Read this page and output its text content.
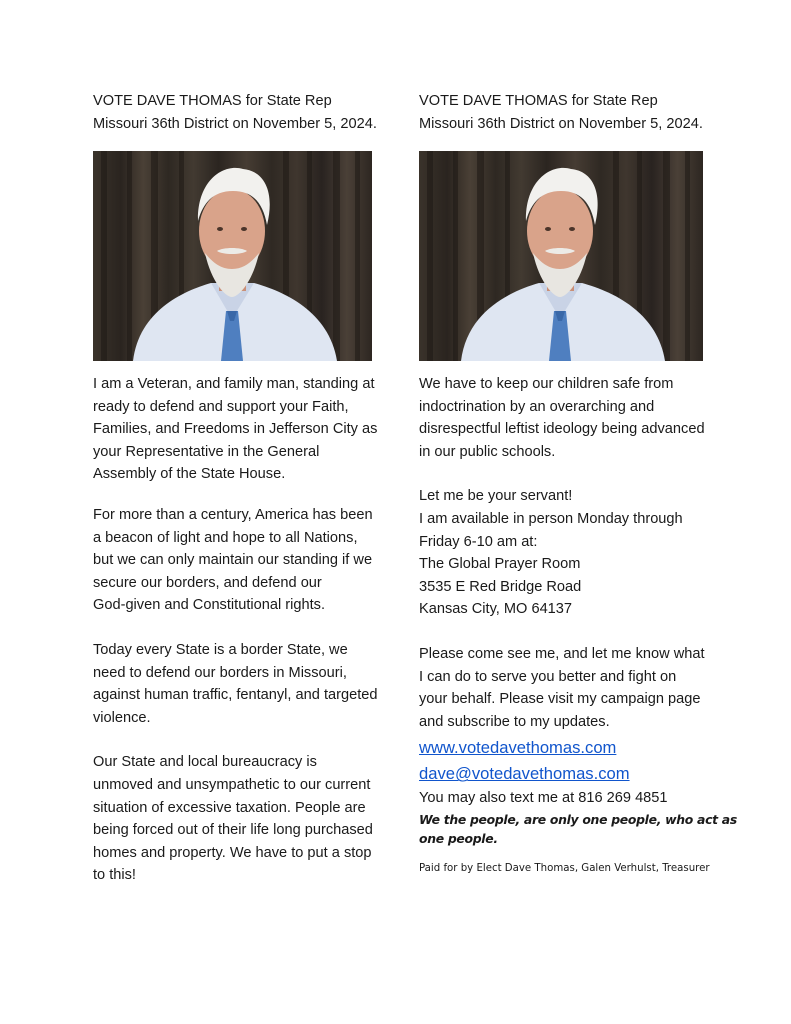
VOTE DAVE THOMAS for State Rep
Missouri 36th District on November 5, 2024.

I am a Veteran, and family man, standing at
ready to defend and support your Faith,
Families, and Freedoms in Jefferson City as
your Representative in the General
Assembly of the State House.

For more than a century, America has been
a beacon of light and hope to all Nations,
but we can only maintain our standing if we
secure our borders, and defend our
God-given and Constitutional rights.

Today every State is a border State, we
need to defend our borders in Missouri,
against human traffic, fentanyl, and targeted
violence.

Our State and local bureaucracy is
unmoved and unsympathetic to our current
situation of excessive taxation. People are
being forced out of their life long purchased
homes and property. We have to put a stop
to this!

VOTE DAVE THOMAS for State Rep
Missouri 36th District on November 5, 2024.

We have to keep our children safe from
indoctrination by an overarching and
disrespectful leftist ideology being advanced
in our public schools.

Let me be your servant!
I am available in person Monday through
Friday 6-10 am at:
The Global Prayer Room
3535 E Red Bridge Road
Kansas City, MO 64137

Please come see me, and let me know what
I can do to serve you better and fight on
your behalf. Please visit my campaign page
and subscribe to my updates.

www.votedavethomas.com
dave@votedavethomas.com

You may also text me at 816 269 4851

We the people, are only one people, who act as
one people.

Paid for by Elect Dave Thomas, Galen Verhulst, Treasurer
